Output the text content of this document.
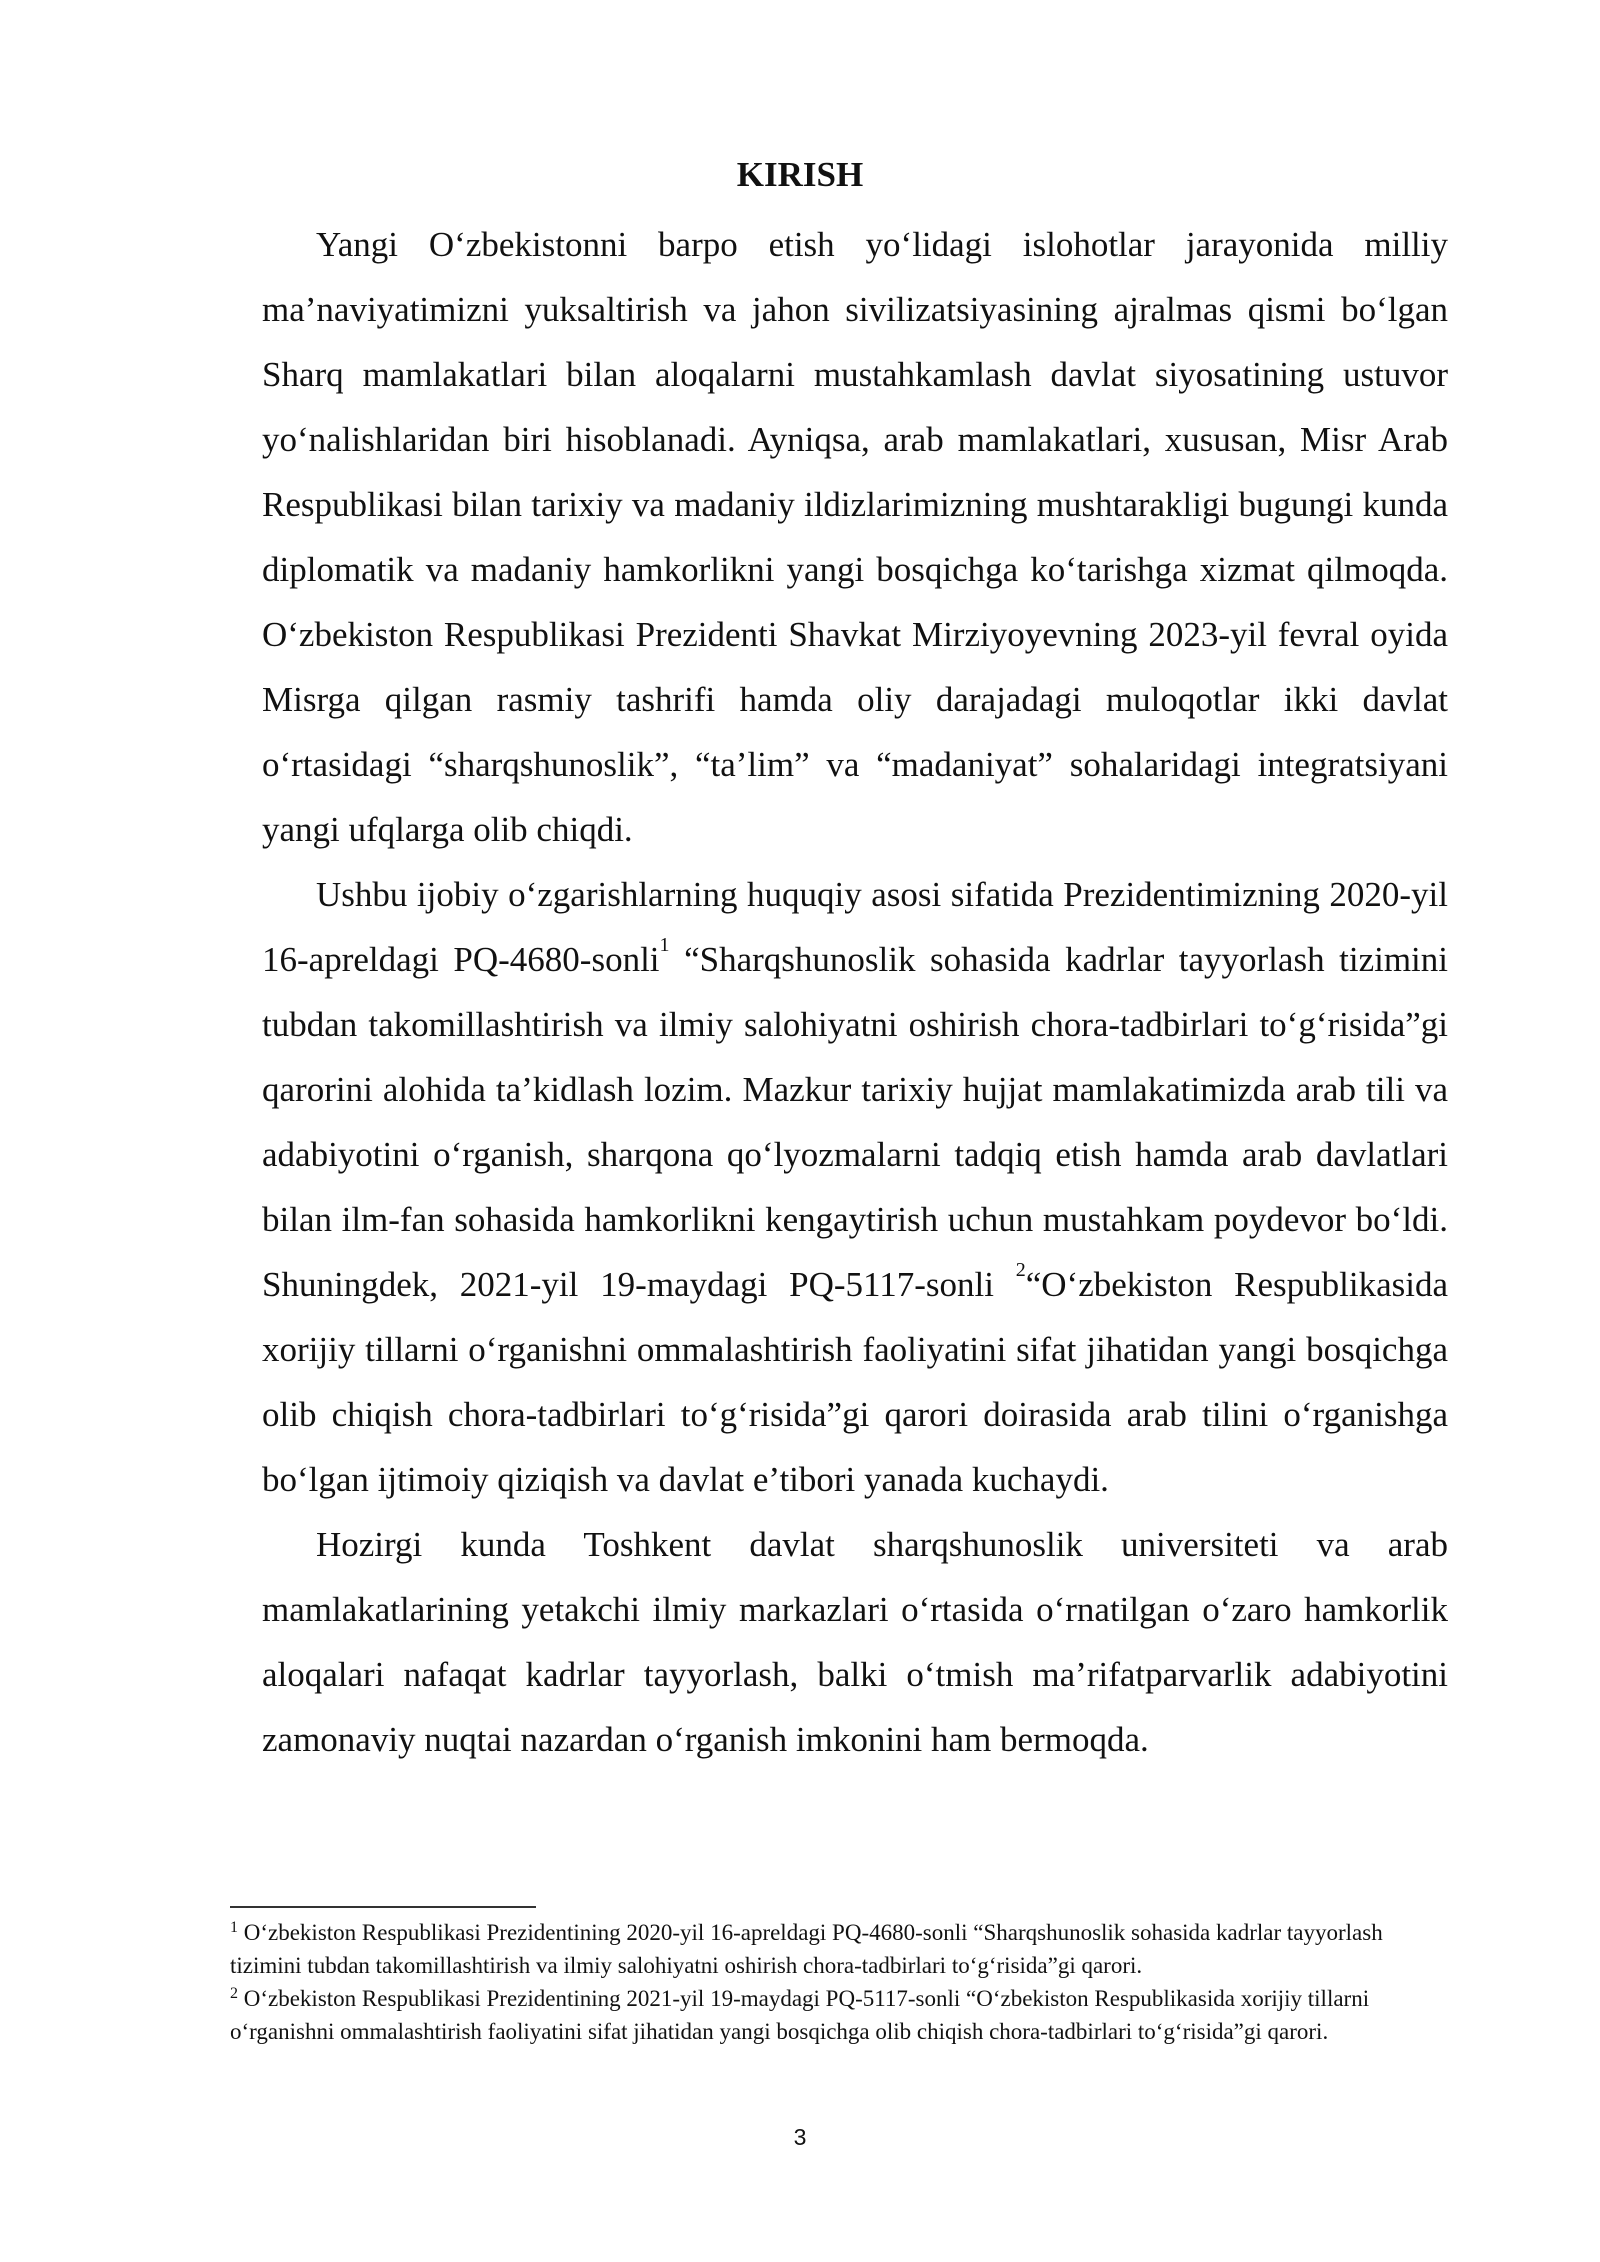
KIRISH

Yangi O‘zbekistonni barpo etish yo‘lidagi islohotlar jarayonida milliy ma’naviyatimizni yuksaltirish va jahon sivilizatsiyasining ajralmas qismi bo‘lgan Sharq mamlakatlari bilan aloqalarni mustahkamlash davlat siyosatining ustuvor yo‘nalishlaridan biri hisoblanadi. Ayniqsa, arab mamlakatlari, xususan, Misr Arab Respublikasi bilan tarixiy va madaniy ildizlarimizning mushtarakligi bugungi kunda diplomatik va madaniy hamkorlikni yangi bosqichga ko‘tarishga xizmat qilmoqda. O‘zbekiston Respublikasi Prezidenti Shavkat Mirziyoyevning 2023-yil fevral oyida Misrga qilgan rasmiy tashrifi hamda oliy darajadagi muloqotlar ikki davlat o‘rtasidagi “sharqshunoslik”, “ta’lim” va “madaniyat” sohalaridagi integratsiyani yangi ufqlarga olib chiqdi.

Ushbu ijobiy o‘zgarishlarning huquqiy asosi sifatida Prezidentimizning 2020-yil 16-apreldagi PQ-4680-sonli$^1$ “Sharqshunoslik sohasida kadrlar tayyorlash tizimini tubdan takomillashtirish va ilmiy salohiyatni oshirish chora-tadbirlari to‘g‘risida”gi qarorini alohida ta’kidlash lozim. Mazkur tarixiy hujjat mamlakatimizda arab tili va adabiyotini o‘rganish, sharqona qo‘lyozmalarni tadqiq etish hamda arab davlatlari bilan ilm-fan sohasida hamkorlikni kengaytirish uchun mustahkam poydevor bo‘ldi. Shuningdek, 2021-yil 19-maydagi PQ-5117-sonli $^2$“O‘zbekiston Respublikasida xorijiy tillarni o‘rganishni ommalashtirish faoliyatini sifat jihatidan yangi bosqichga olib chiqish chora-tadbirlari to‘g‘risida”gi qarori doirasida arab tilini o‘rganishga bo‘lgan ijtimoiy qiziqish va davlat e’tibori yanada kuchaydi.

Hozirgi kunda Toshkent davlat sharqshunoslik universiteti va arab mamlakatlarining yetakchi ilmiy markazlari o‘rtasida o‘rnatilgan o‘zaro hamkorlik aloqalari nafaqat kadrlar tayyorlash, balki o‘tmish ma’rifatparvarlik adabiyotini zamonaviy nuqtai nazardan o‘rganish imkonini ham bermoqda.

$^1$ O‘zbekiston Respublikasi Prezidentining 2020-yil 16-apreldagi PQ-4680-sonli “Sharqshunoslik sohasida kadrlar tayyorlash tizimini tubdan takomillashtirish va ilmiy salohiyatni oshirish chora-tadbirlari to‘g‘risida”gi qarori.

$^2$ O‘zbekiston Respublikasi Prezidentining 2021-yil 19-maydagi PQ-5117-sonli “O‘zbekiston Respublikasida xorijiy tillarni o‘rganishni ommalashtirish faoliyatini sifat jihatidan yangi bosqichga olib chiqish chora-tadbirlari to‘g‘risida”gi qarori.

3
